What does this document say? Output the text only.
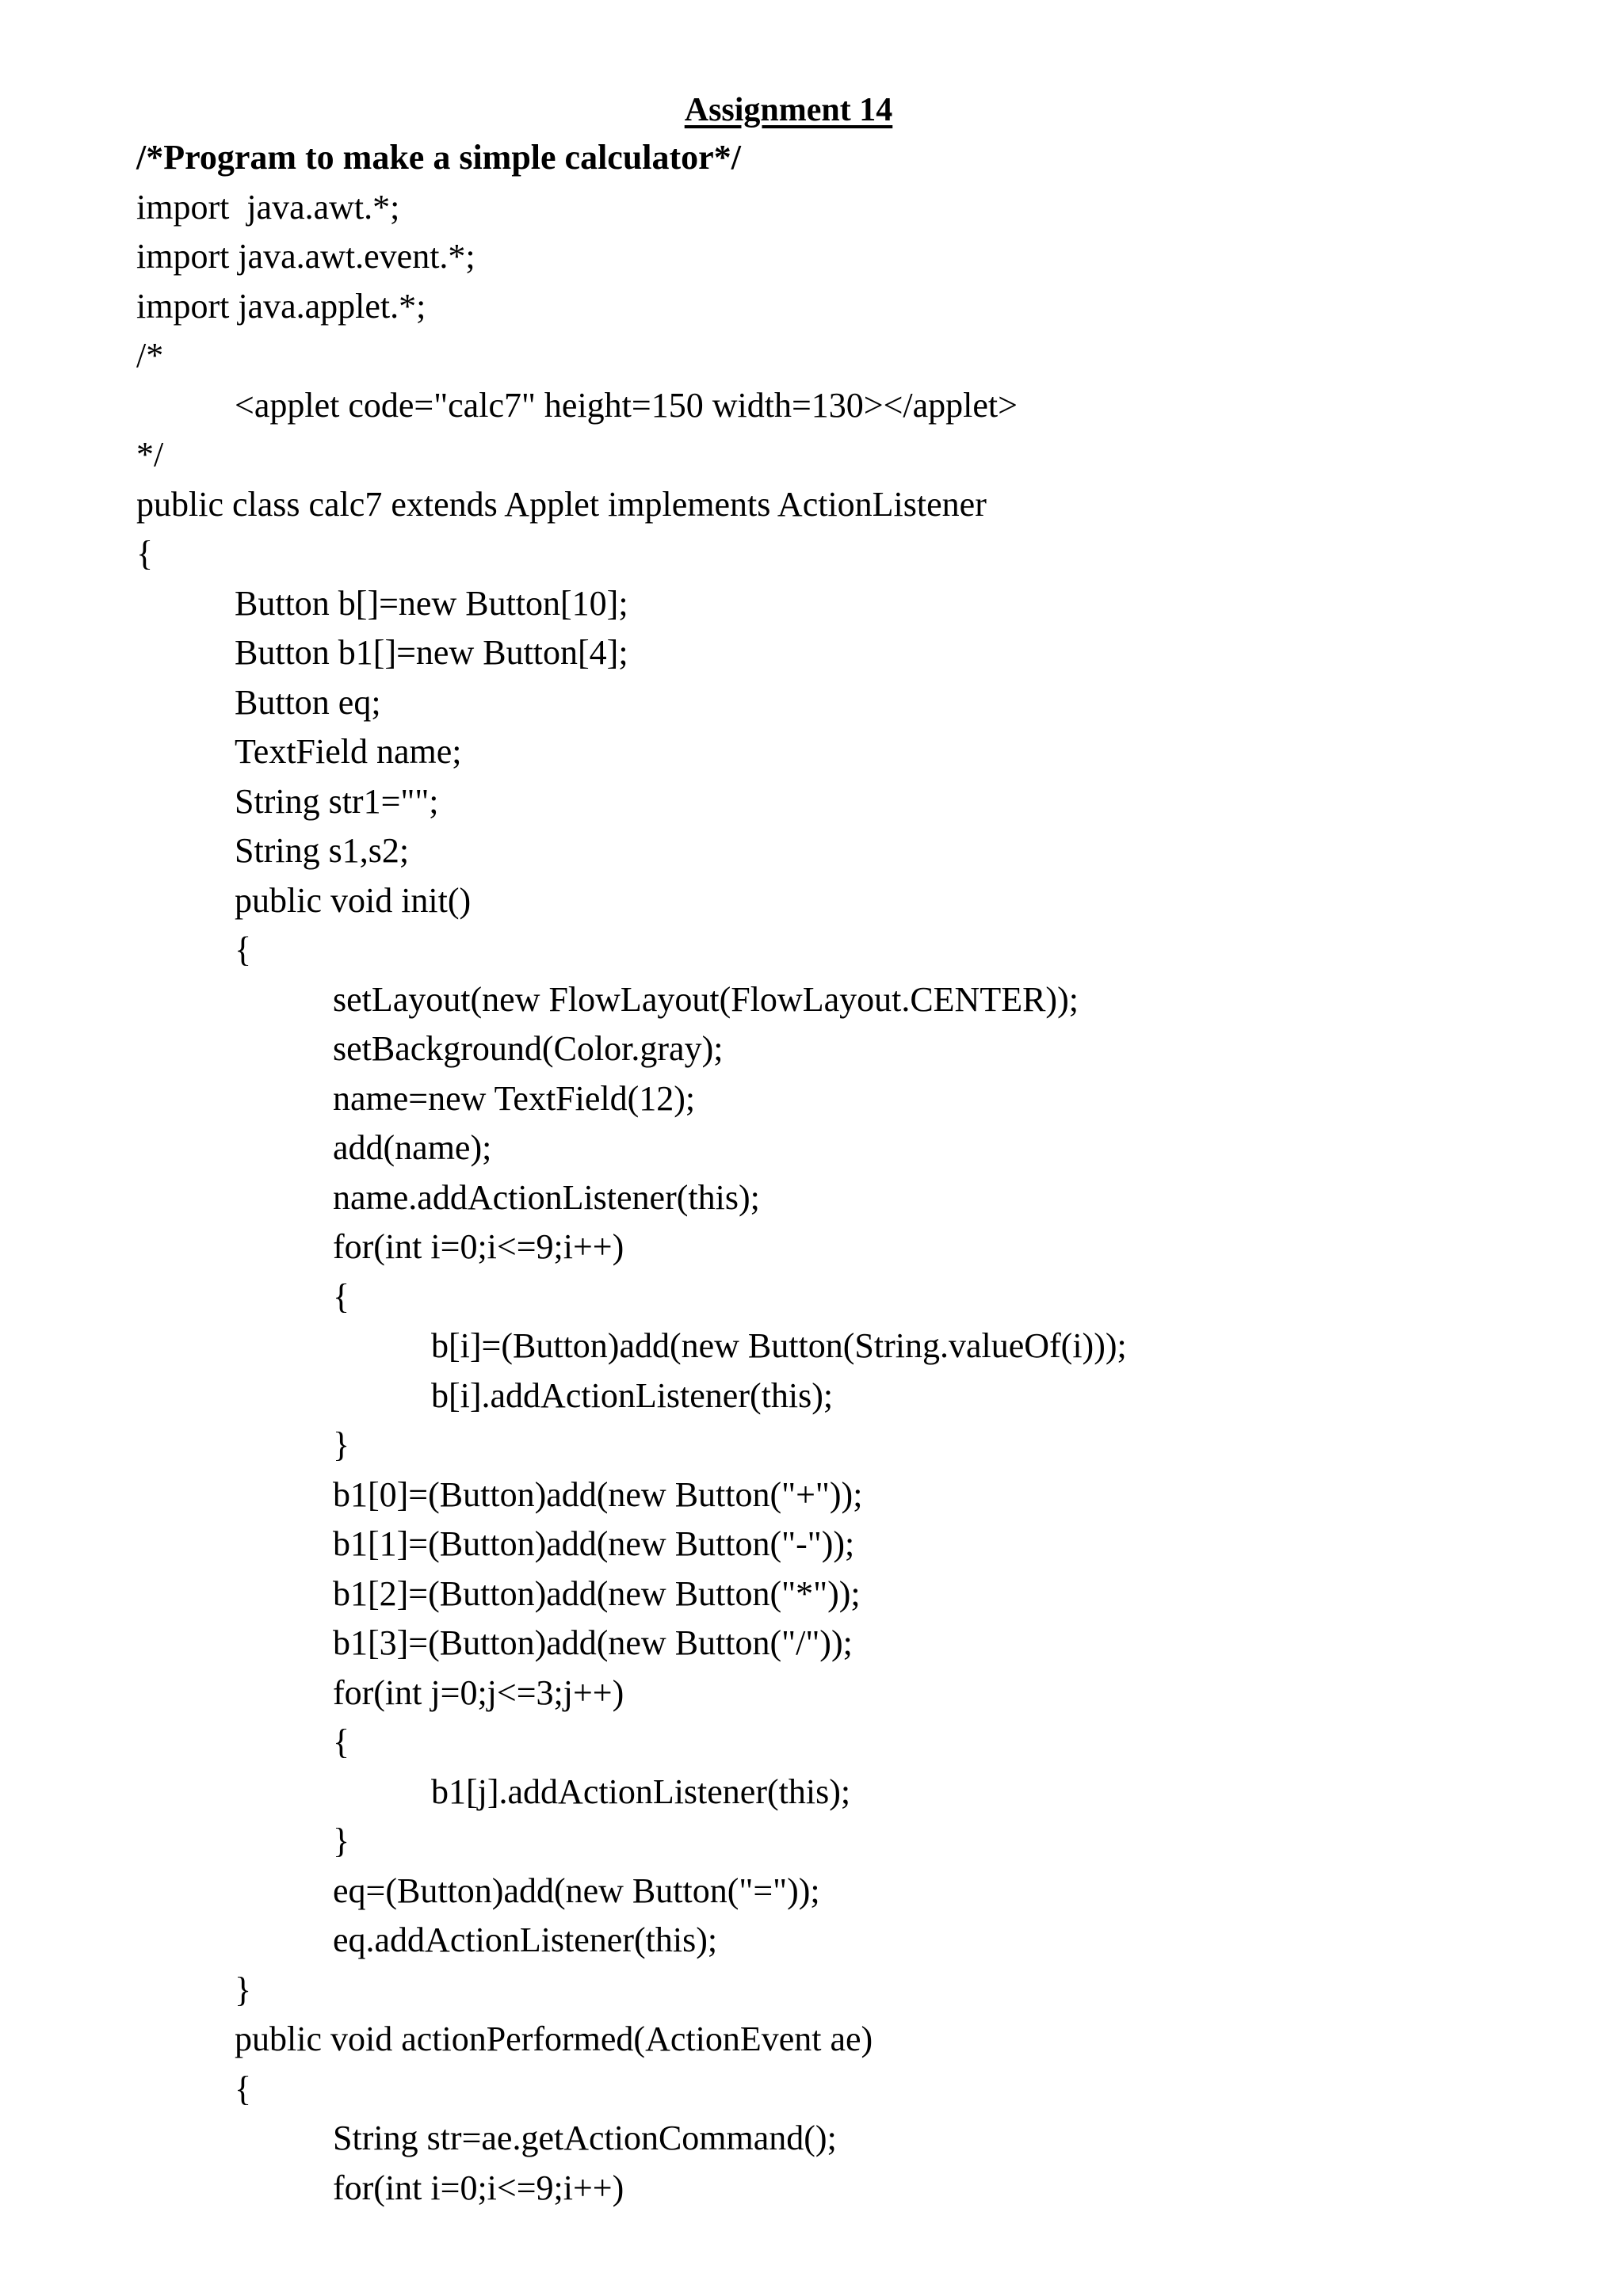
Assignment 14
/*Program to make a simple calculator*/
import  java.awt.*;
import java.awt.event.*;
import java.applet.*;
/*
<applet code="calc7" height=150 width=130></applet>
*/
public class calc7 extends Applet implements ActionListener
{
Button b[]=new Button[10];
Button b1[]=new Button[4];
Button eq;
TextField name;
String str1="";
String s1,s2;
public void init()
{
setLayout(new FlowLayout(FlowLayout.CENTER));
setBackground(Color.gray);
name=new TextField(12);
add(name);
name.addActionListener(this);
for(int i=0;i<=9;i++)
{
b[i]=(Button)add(new Button(String.valueOf(i)));
b[i].addActionListener(this);
}
b1[0]=(Button)add(new Button("+"));
b1[1]=(Button)add(new Button("-"));
b1[2]=(Button)add(new Button("*"));
b1[3]=(Button)add(new Button("/"));
for(int j=0;j<=3;j++)
{
b1[j].addActionListener(this);
}
eq=(Button)add(new Button("="));
eq.addActionListener(this);
}
public void actionPerformed(ActionEvent ae)
{
String str=ae.getActionCommand();
for(int i=0;i<=9;i++)
